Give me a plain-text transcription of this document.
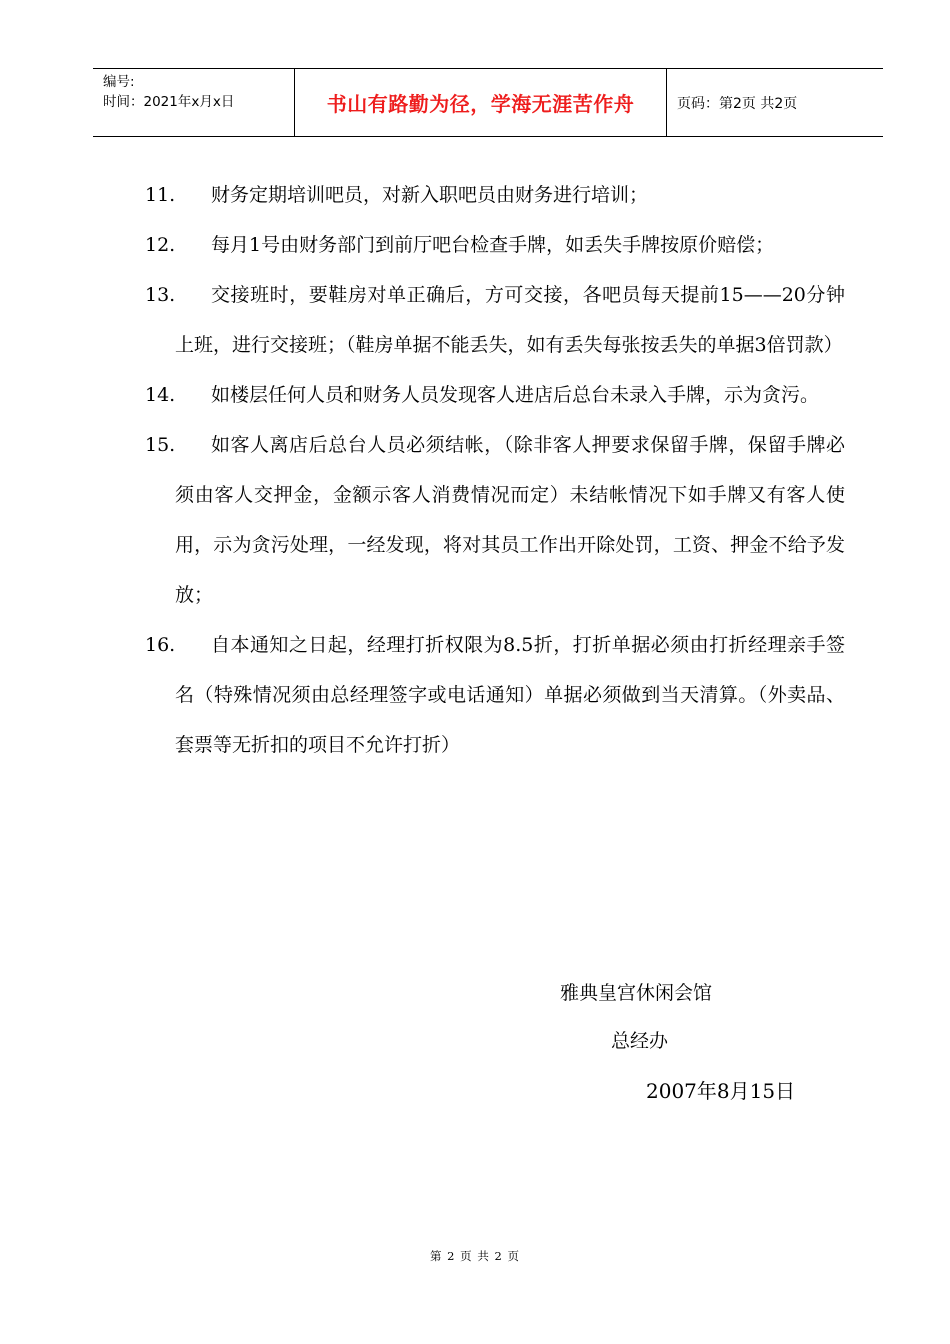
编号:
时间：2021年x月x日	书山有路勤为径，学海无涯苦作舟	页码：第2页 共2页
11.	财务定期培训吧员，对新入职吧员由财务进行培训；
12.	每月1号由财务部门到前厅吧台检查手牌，如丢失手牌按原价赔偿；
13.	交接班时，要鞋房对单正确后，方可交接，各吧员每天提前15——20分钟上班，进行交接班；（鞋房单据不能丢失，如有丢失每张按丢失的单据3倍罚款）
14.	如楼层任何人员和财务人员发现客人进店后总台未录入手牌，示为贪污。
15.	如客人离店后总台人员必须结帐，（除非客人押要求保留手牌，保留手牌必须由客人交押金，金额示客人消费情况而定）未结帐情况下如手牌又有客人使用，示为贪污处理，一经发现，将对其员工作出开除处罚，工资、押金不给予发放；
16.	自本通知之日起，经理打折权限为8.5折，打折单据必须由打折经理亲手签名（特殊情况须由总经理签字或电话通知）单据必须做到当天清算。（外卖品、套票等无折扣的项目不允许打折）
雅典皇宫休闲会馆
总经办
2007年8月15日
第 2 页 共 2 页
